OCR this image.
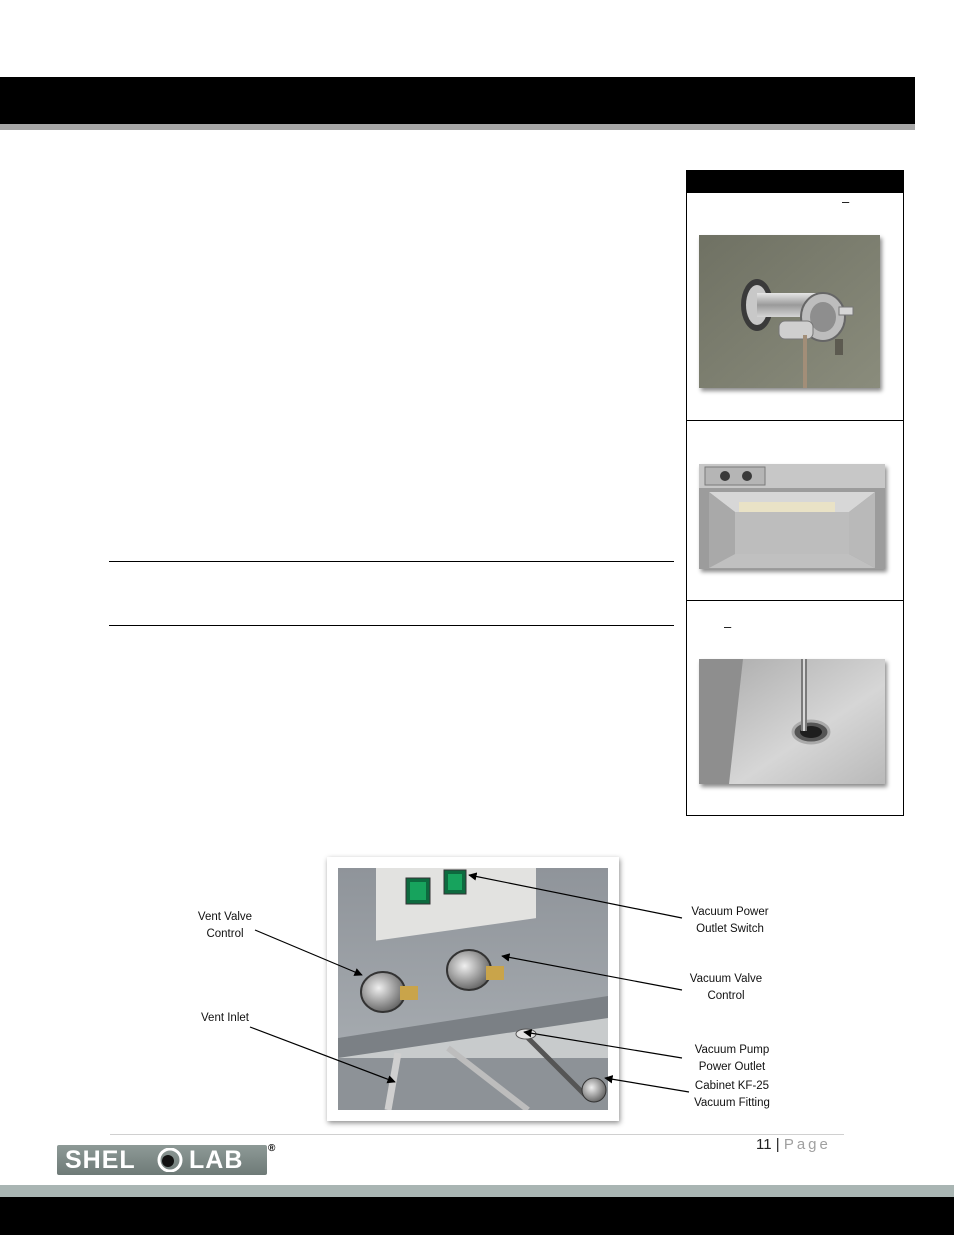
–
–
Vent Valve
Control
Vent Inlet
Vacuum Power
Outlet Switch
Vacuum Valve
Control
Vacuum Pump
Power Outlet
Cabinet KF-25
Vacuum Fitting
11 | Page
SHEL LAB ®
